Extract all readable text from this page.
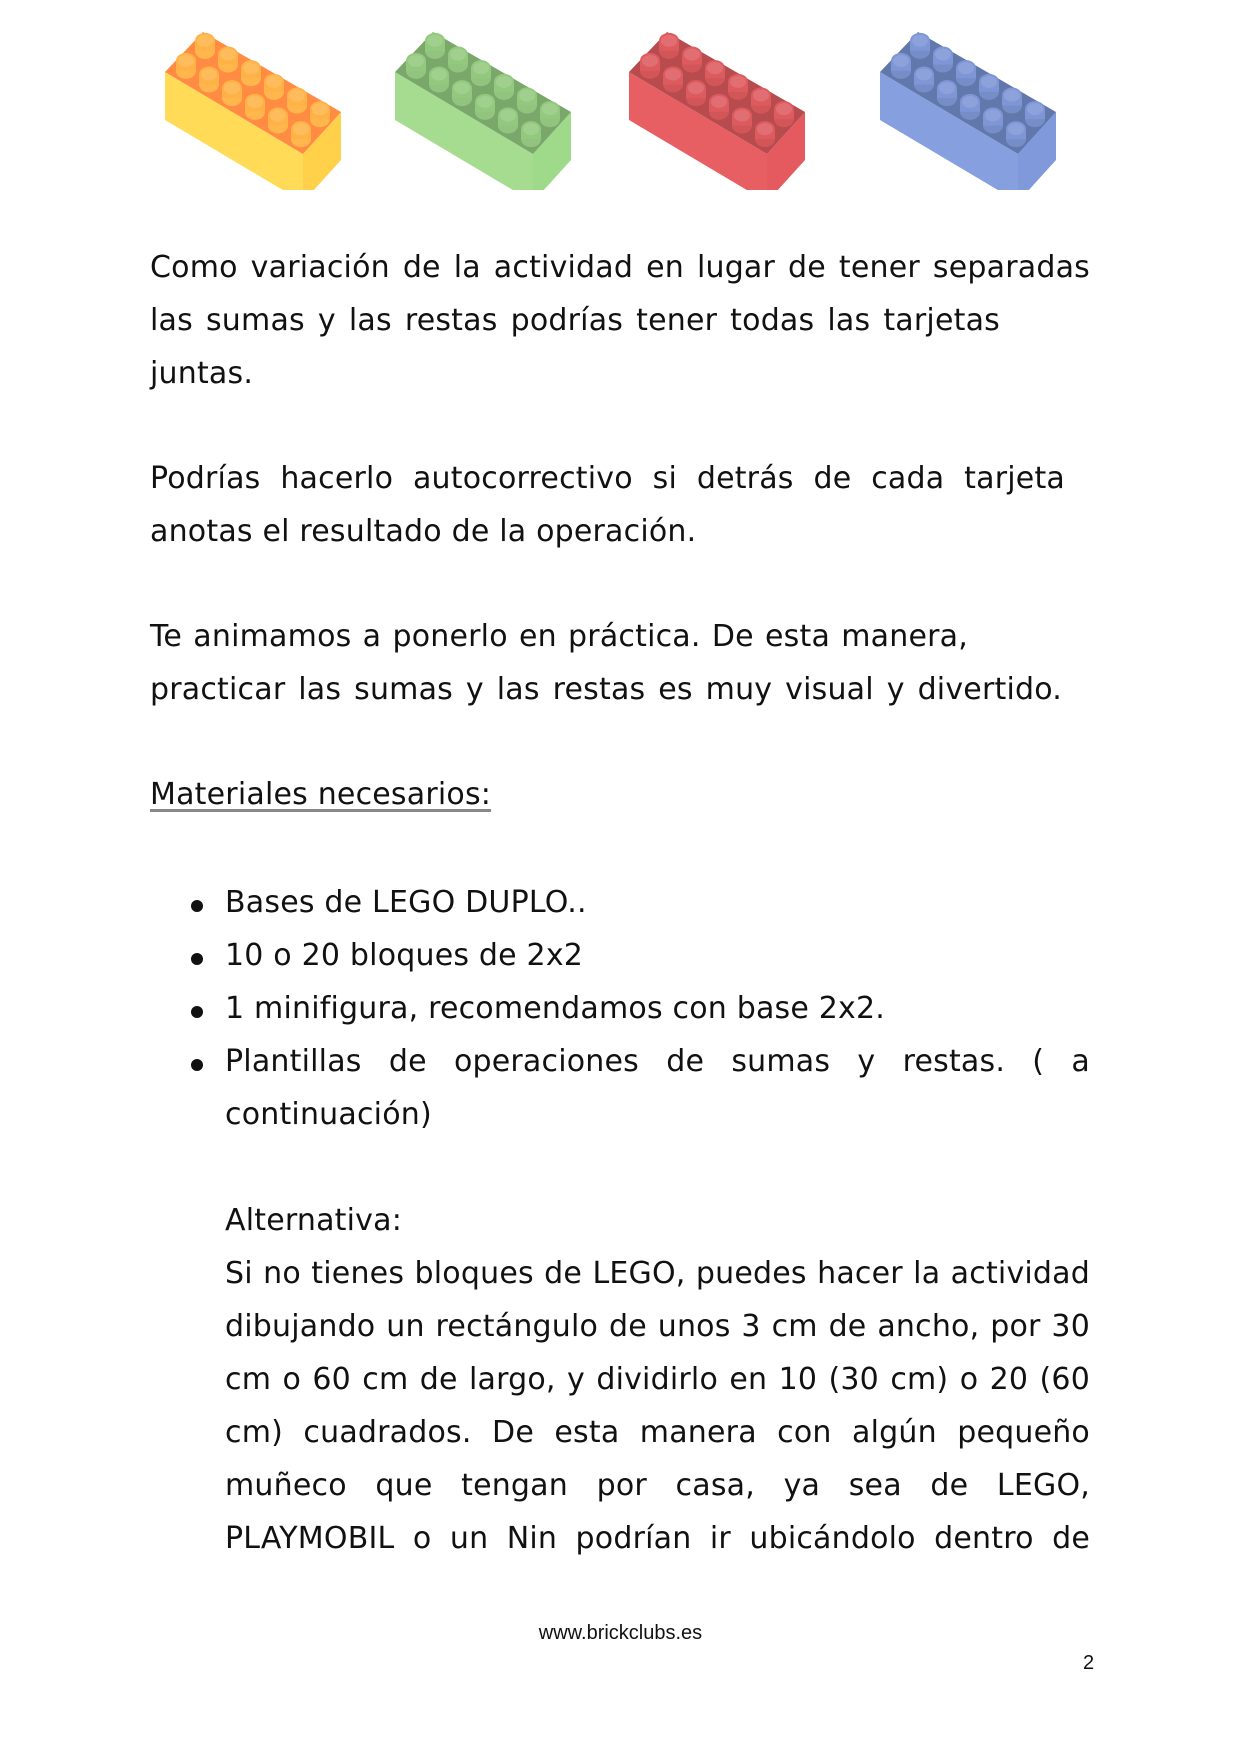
Como variación de la actividad en lugar de tener separadas
las sumas y las restas podrías tener todas las tarjetas
juntas.
Podrías hacerlo autocorrectivo si detrás de cada tarjeta
anotas el resultado de la operación.
Te animamos a ponerlo en práctica. De esta manera,
practicar las sumas y las restas es muy visual y divertido.
Materiales necesarios:
Bases de LEGO DUPLO..
10 o 20 bloques de 2x2
1 minifigura, recomendamos con base 2x2.
Plantillas de operaciones de sumas y restas. ( a
continuación)
Alternativa:
Si no tienes bloques de LEGO, puedes hacer la actividad
dibujando un rectángulo de unos 3 cm de ancho, por 30
cm o 60 cm de largo, y dividirlo en 10 (30 cm) o 20 (60
cm) cuadrados. De esta manera con algún pequeño
muñeco que tengan por casa, ya sea de LEGO,
PLAYMOBIL o un Nin podrían ir ubicándolo dentro de
www.brickclubs.es
2
